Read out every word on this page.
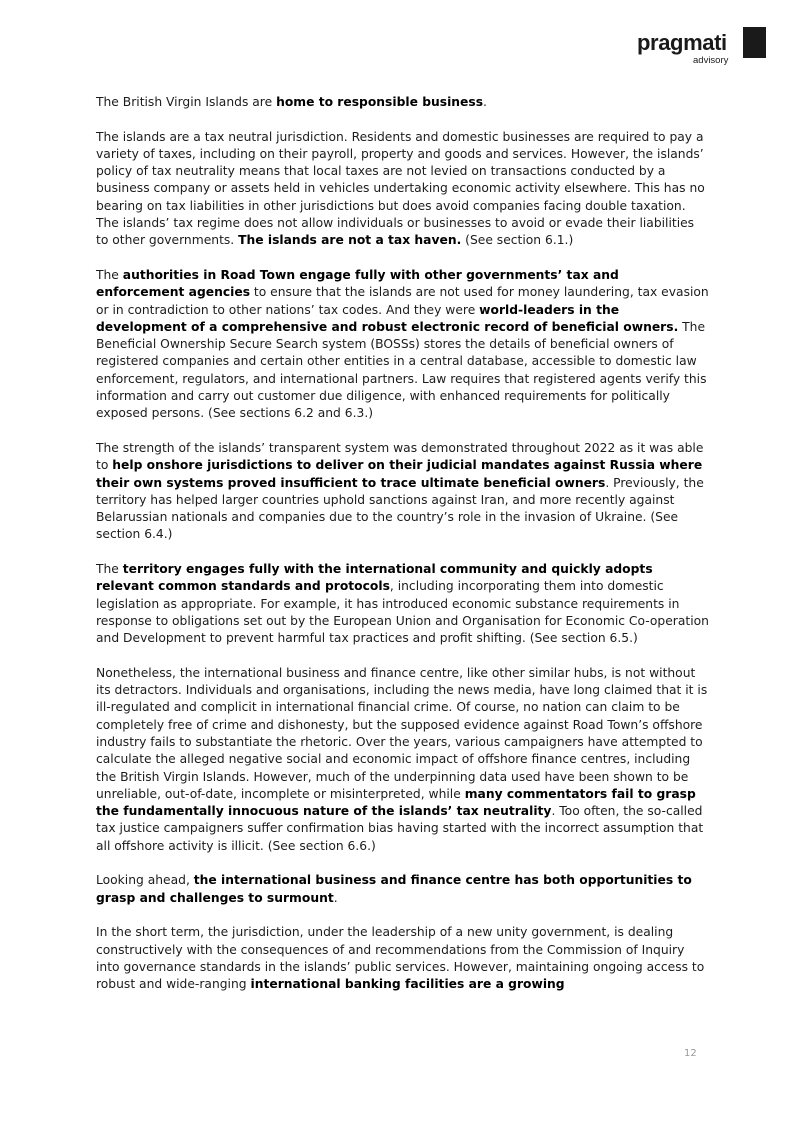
pragmatix
advisory

The British Virgin Islands are home to responsible business.

The islands are a tax neutral jurisdiction. Residents and domestic businesses are required to pay a variety of taxes, including on their payroll, property and goods and services. However, the islands’ policy of tax neutrality means that local taxes are not levied on transactions conducted by a business company or assets held in vehicles undertaking economic activity elsewhere. This has no bearing on tax liabilities in other jurisdictions but does avoid companies facing double taxation. The islands’ tax regime does not allow individuals or businesses to avoid or evade their liabilities to other governments. The islands are not a tax haven. (See section 6.1.)

The authorities in Road Town engage fully with other governments’ tax and enforcement agencies to ensure that the islands are not used for money laundering, tax evasion or in contradiction to other nations’ tax codes. And they were world-leaders in the development of a comprehensive and robust electronic record of beneficial owners. The Beneficial Ownership Secure Search system (BOSSs) stores the details of beneficial owners of registered companies and certain other entities in a central database, accessible to domestic law enforcement, regulators, and international partners. Law requires that registered agents verify this information and carry out customer due diligence, with enhanced requirements for politically exposed persons. (See sections 6.2 and 6.3.)

The strength of the islands’ transparent system was demonstrated throughout 2022 as it was able to help onshore jurisdictions to deliver on their judicial mandates against Russia where their own systems proved insufficient to trace ultimate beneficial owners. Previously, the territory has helped larger countries uphold sanctions against Iran, and more recently against Belarussian nationals and companies due to the country’s role in the invasion of Ukraine. (See section 6.4.)

The territory engages fully with the international community and quickly adopts relevant common standards and protocols, including incorporating them into domestic legislation as appropriate. For example, it has introduced economic substance requirements in response to obligations set out by the European Union and Organisation for Economic Co-operation and Development to prevent harmful tax practices and profit shifting. (See section 6.5.)

Nonetheless, the international business and finance centre, like other similar hubs, is not without its detractors. Individuals and organisations, including the news media, have long claimed that it is ill-regulated and complicit in international financial crime. Of course, no nation can claim to be completely free of crime and dishonesty, but the supposed evidence against Road Town’s offshore industry fails to substantiate the rhetoric. Over the years, various campaigners have attempted to calculate the alleged negative social and economic impact of offshore finance centres, including the British Virgin Islands. However, much of the underpinning data used have been shown to be unreliable, out-of-date, incomplete or misinterpreted, while many commentators fail to grasp the fundamentally innocuous nature of the islands’ tax neutrality. Too often, the so-called tax justice campaigners suffer confirmation bias having started with the incorrect assumption that all offshore activity is illicit. (See section 6.6.)

Looking ahead, the international business and finance centre has both opportunities to grasp and challenges to surmount.

In the short term, the jurisdiction, under the leadership of a new unity government, is dealing constructively with the consequences of and recommendations from the Commission of Inquiry into governance standards in the islands’ public services. However, maintaining ongoing access to robust and wide-ranging international banking facilities are a growing

12
